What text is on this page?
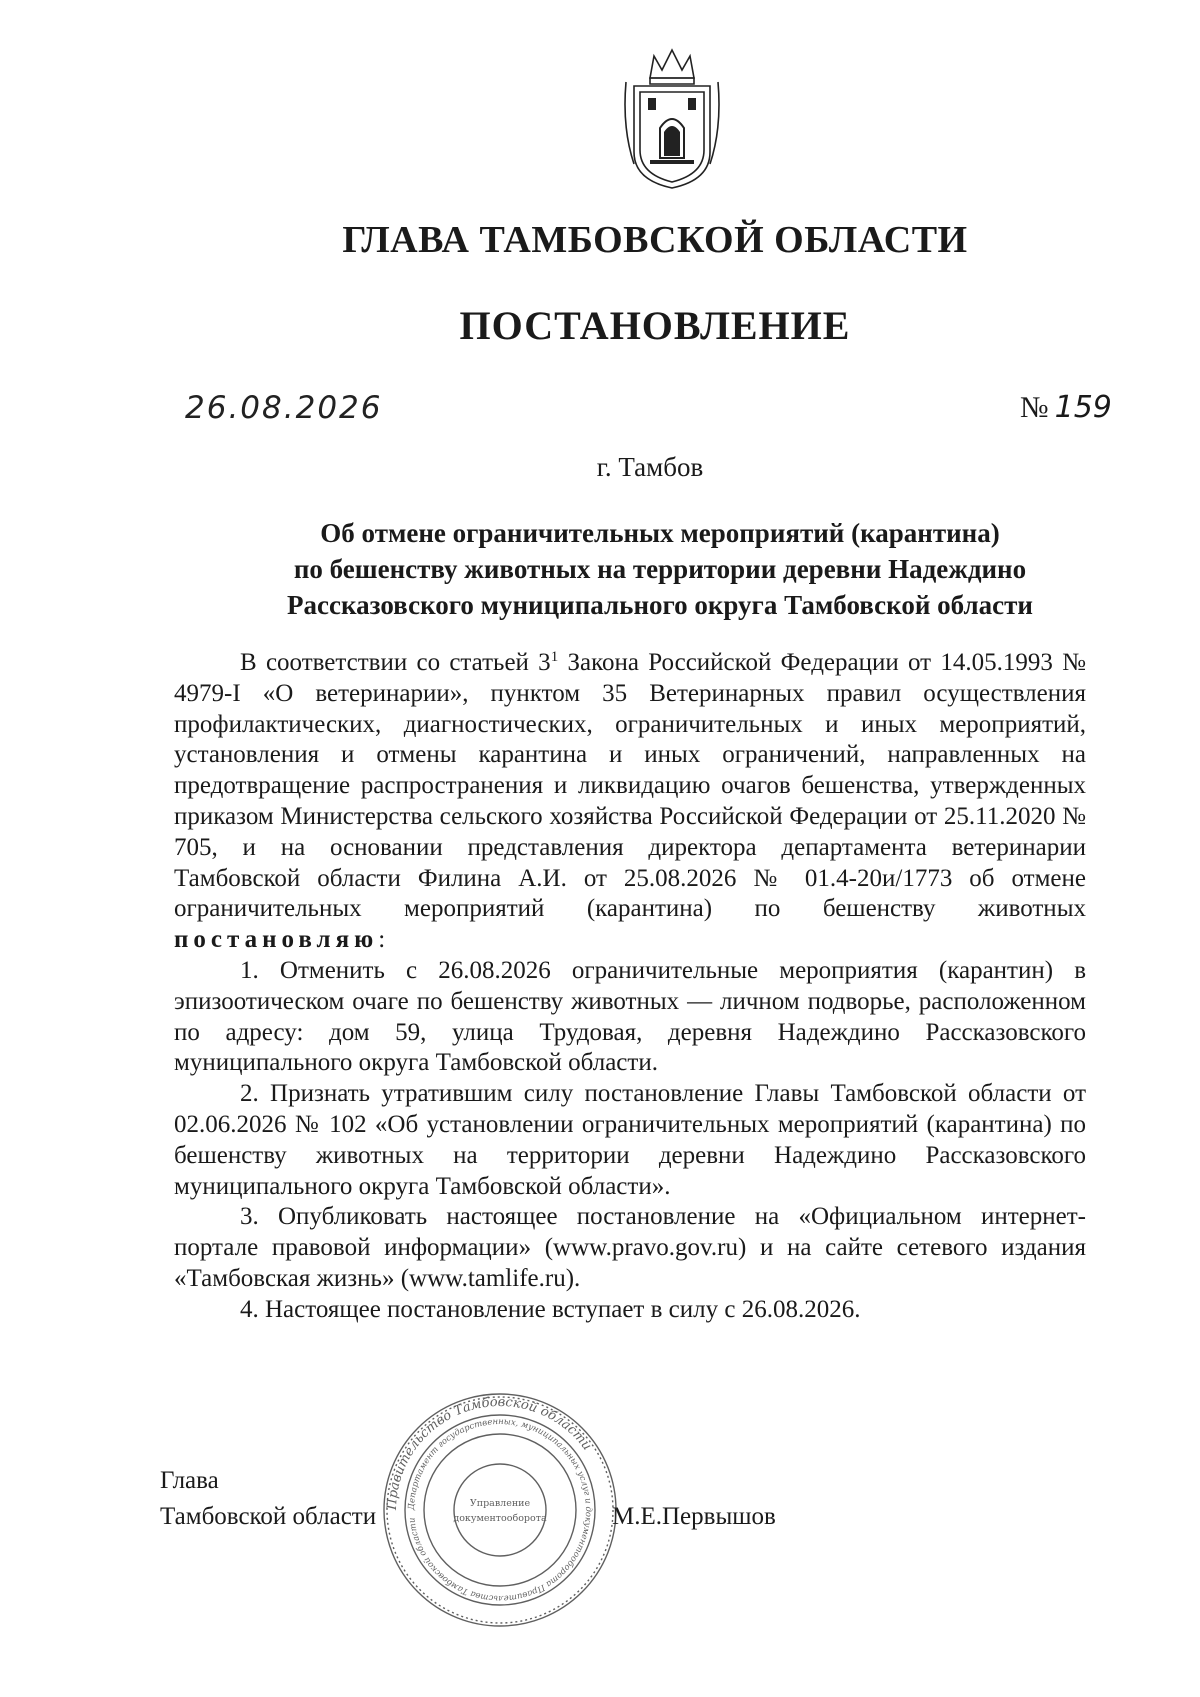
ГЛАВА ТАМБОВСКОЙ ОБЛАСТИ
ПОСТАНОВЛЕНИЕ
26.08.2026	№ 159
г. Тамбов
Об отмене ограничительных мероприятий (карантина)
по бешенству животных на территории деревни Надеждино
Рассказовского муниципального округа Тамбовской области

В соответствии со статьей $3^1$ Закона Российской Федерации от 14.05.1993 № 4979-I «О ветеринарии», пунктом 35 Ветеринарных правил осуществления профилактических, диагностических, ограничительных и иных мероприятий, установления и отмены карантина и иных ограничений, направленных на предотвращение распространения и ликвидацию очагов бешенства, утвержденных приказом Министерства сельского хозяйства Российской Федерации от 25.11.2020 № 705, и на основании представления директора департамента ветеринарии Тамбовской области Филина А.И. от 25.08.2026 № 01.4-20и/1773 об отмене ограничительных мероприятий (карантина) по бешенству животных постановляю:

1. Отменить с 26.08.2026 ограничительные мероприятия (карантин) в эпизоотическом очаге по бешенству животных — личном подворье, расположенном по адресу: дом 59, улица Трудовая, деревня Надеждино Рассказовского муниципального округа Тамбовской области.

2. Признать утратившим силу постановление Главы Тамбовской области от 02.06.2026 № 102 «Об установлении ограничительных мероприятий (карантина) по бешенству животных на территории деревни Надеждино Рассказовского муниципального округа Тамбовской области».

3. Опубликовать настоящее постановление на «Официальном интернет-портале правовой информации» (www.pravo.gov.ru) и на сайте сетевого издания «Тамбовская жизнь» (www.tamlife.ru).

4. Настоящее постановление вступает в силу с 26.08.2026.

Глава
Тамбовской области	М.Е.Первышов
Правительство Тамбовской области
Департамент государственных, муниципальных услуг и документооборота Правительства Тамбовской области
Управление
документооборота
